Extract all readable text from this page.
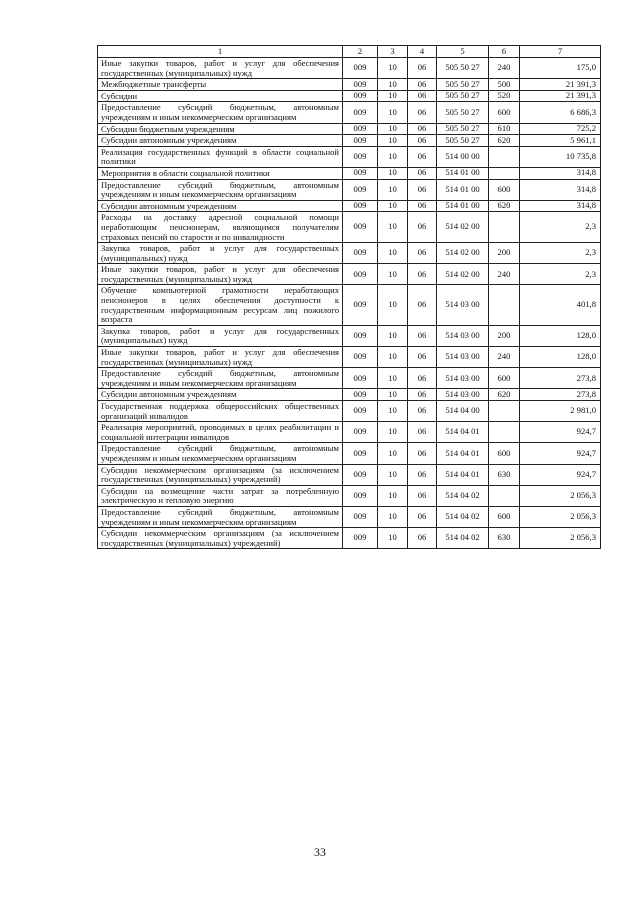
1	2	3	4	5	6	7
Иные закупки товаров, работ и услуг для обеспечения государственных (муниципальных) нужд	009	10	06	505 50 27	240	175,0
Межбюджетные трансферты	009	10	06	505 50 27	500	21 391,3
Субсидии	009	10	06	505 50 27	520	21 391,3
Предоставление субсидий бюджетным, автономным учреждениям и иным некоммерческим организациям	009	10	06	505 50 27	600	6 686,3
Субсидии бюджетным учреждениям	009	10	06	505 50 27	610	725,2
Субсидии автономным учреждениям	009	10	06	505 50 27	620	5 961,1
Реализация государственных функций в области социальной политики	009	10	06	514 00 00		10 735,8
Мероприятия в области социальной политики	009	10	06	514 01 00		314,8
Предоставление субсидий бюджетным, автономным учреждениям и иным некоммерческим организациям	009	10	06	514 01 00	600	314,8
Субсидии автономным учреждениям	009	10	06	514 01 00	620	314,8
Расходы на доставку адресной социальной помощи неработающим пенсионерам, являющимся получателям страховых пенсий по старости и по инвалидности	009	10	06	514 02 00		2,3
Закупка товаров, работ и услуг для государственных (муниципальных) нужд	009	10	06	514 02 00	200	2,3
Иные закупки товаров, работ и услуг для обеспечения государственных (муниципальных) нужд	009	10	06	514 02 00	240	2,3
Обучение компьютерной грамотности неработающих пенсионеров в целях обеспечения доступности к государственным информационным ресурсам лиц пожилого возраста	009	10	06	514 03 00		401,8
Закупка товаров, работ и услуг для государственных (муниципальных) нужд	009	10	06	514 03 00	200	128,0
Иные закупки товаров, работ и услуг для обеспечения государственных (муниципальных) нужд	009	10	06	514 03 00	240	128,0
Предоставление субсидий бюджетным, автономным учреждениям и иным некоммерческим организациям	009	10	06	514 03 00	600	273,8
Субсидии автономным учреждениям	009	10	06	514 03 00	620	273,8
Государственная поддержка общероссийских общественных организаций инвалидов	009	10	06	514 04 00		2 981,0
Реализация мероприятий, проводимых в целях реабилитации и социальной интеграции инвалидов	009	10	06	514 04 01		924,7
Предоставление субсидий бюджетным, автономным учреждениям и иным некоммерческим организациям	009	10	06	514 04 01	600	924,7
Субсидии некоммерческим организациям (за исключением государственных (муниципальных) учреждений)	009	10	06	514 04 01	630	924,7
Субсидии на возмещение части затрат за потребленную электрическую и тепловую энергию	009	10	06	514 04 02		2 056,3
Предоставление субсидий бюджетным, автономным учреждениям и иным некоммерческим организациям	009	10	06	514 04 02	600	2 056,3
Субсидии некоммерческим организациям (за исключением государственных (муниципальных) учреждений)	009	10	06	514 04 02	630	2 056,3
33
